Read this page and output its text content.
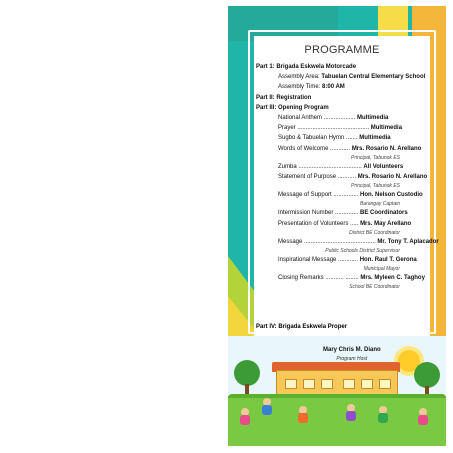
PROGRAMME
Part 1: Brigada Eskwela Motorcade
Assembly Area: Tabuelan Central Elementary School
Assembly Time: 8:00 AM
Part II: Registration
Part III: Opening Program
National Anthem ................... Multimedia
Prayer ........................................... Multimedia
Sugbo & Tabuelan Hymn ....... Multimedia
Words of Welcome ............ Mrs. Rosario N. Arellano
Principal, Tabunok ES
Zumba ...................................... All Volunteers
Statement of Purpose ........... Mrs. Rosario N. Arellano
Principal, Tabunok ES
Message of Support ............... Hon. Nelson Custodio
Barangay Captain
Intermission Number .............. BE Coordinators
Presentation of Volunteers ..... Mrs. May Arellano
District BE Coordinator
Message ........................................... Mr. Tony T. Aplacador
Public Schools District Supervisor
Inspirational Message ............ Hon. Raul T. Gerona
Municipal Mayor
Closing Remarks ........... ........ Mrs. Myleen C. Taghoy
School BE Coordinator
Part IV: Brigada Eskwela Proper
Mary Chris M. Diano
Program Host
